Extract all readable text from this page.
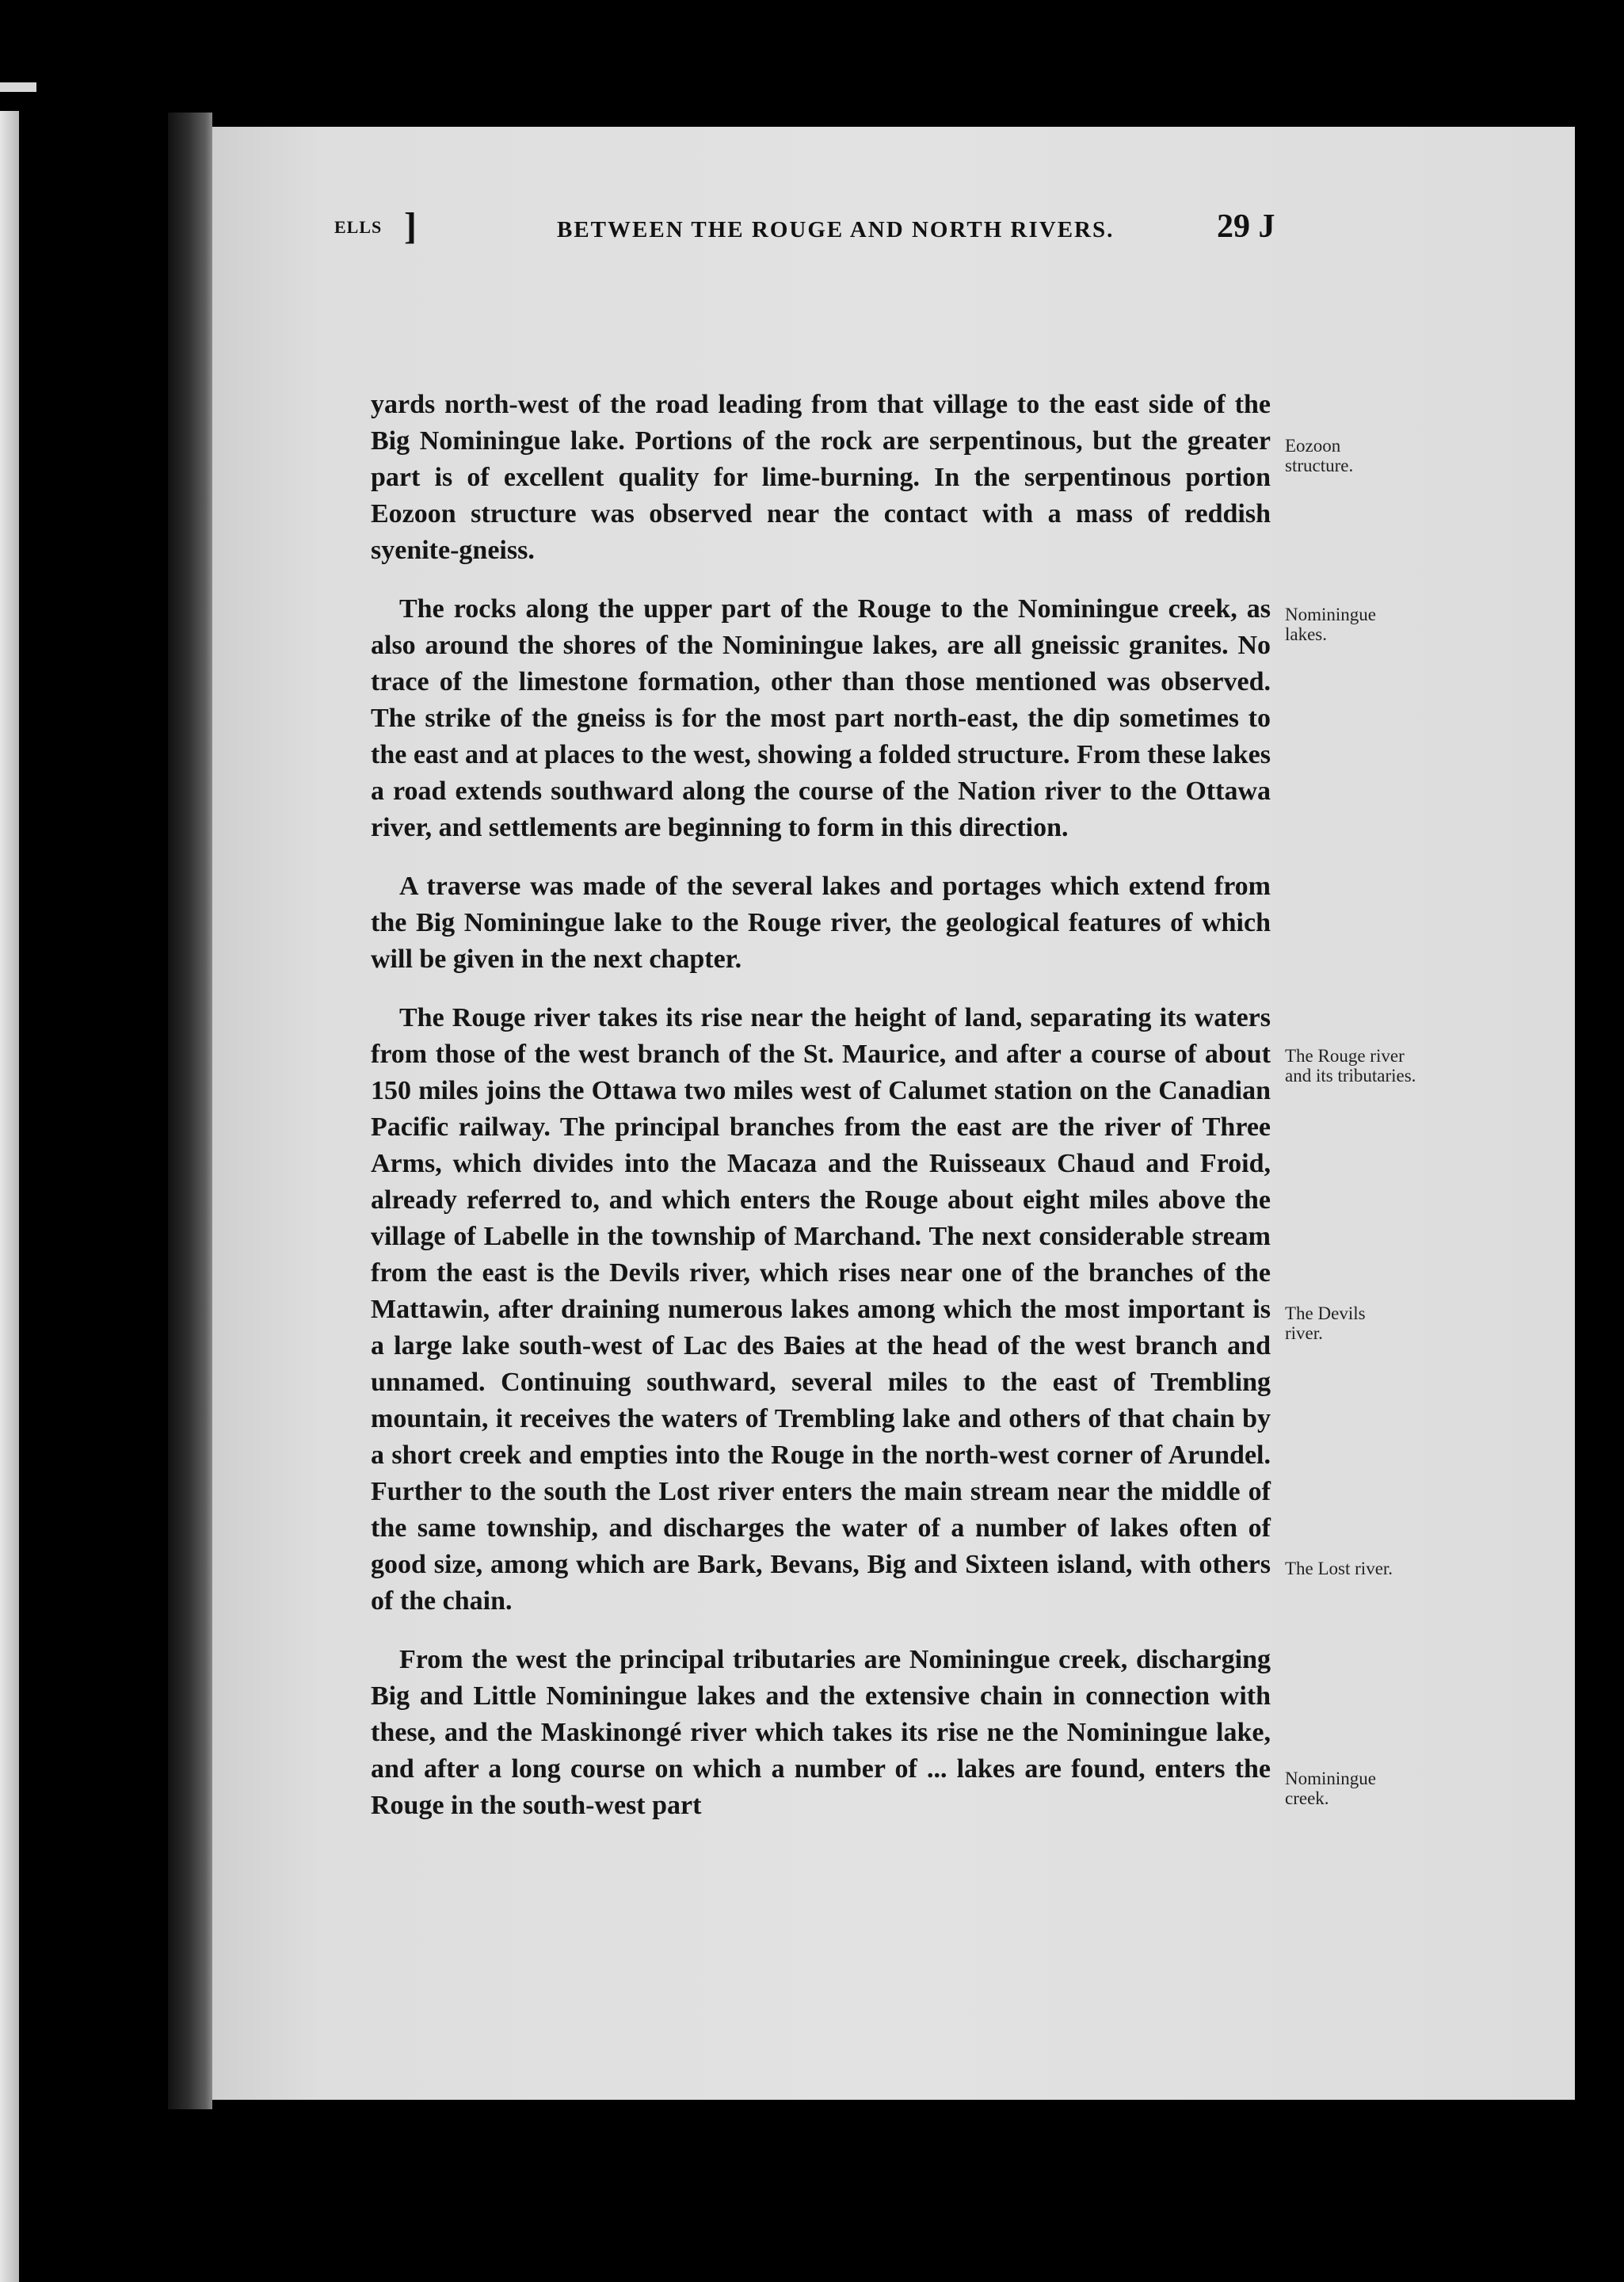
ELLS ]	BETWEEN THE ROUGE AND NORTH RIVERS.	29 J

yards north-west of the road leading from that village to the east side of the Big Nominingue lake. Portions of the rock are serpentinous, but the greater part is of excellent quality for lime-burning. In the serpentinous portion Eozoon structure was observed near the contact with a mass of reddish syenite-gneiss.

The rocks along the upper part of the Rouge to the Nominingue creek, as also around the shores of the Nominingue lakes, are all gneissic granites. No trace of the limestone formation, other than those mentioned was observed. The strike of the gneiss is for the most part north-east, the dip sometimes to the east and at places to the west, showing a folded structure. From these lakes a road extends southward along the course of the Nation river to the Ottawa river, and settlements are beginning to form in this direction.

A traverse was made of the several lakes and portages which extend from the Big Nominingue lake to the Rouge river, the geological features of which will be given in the next chapter.

The Rouge river takes its rise near the height of land, separating its waters from those of the west branch of the St. Maurice, and after a course of about 150 miles joins the Ottawa two miles west of Calumet station on the Canadian Pacific railway. The principal branches from the east are the river of Three Arms, which divides into the Macaza and the Ruisseaux Chaud and Froid, already referred to, and which enters the Rouge about eight miles above the village of Labelle in the township of Marchand. The next considerable stream from the east is the Devils river, which rises near one of the branches of the Mattawin, after draining numerous lakes among which the most important is a large lake south-west of Lac des Baies at the head of the west branch and unnamed. Continuing southward, several miles to the east of Trembling mountain, it receives the waters of Trembling lake and others of that chain by a short creek and empties into the Rouge in the north-west corner of Arundel. Further to the south the Lost river enters the main stream near the middle of the same township, and discharges the water of a number of lakes often of good size, among which are Bark, Bevans, Big and Sixteen island, with others of the chain.

From the west the principal tributaries are Nominingue creek, discharging Big and Little Nominingue lakes and the extensive chain in connection with these, and the Maskinongé river which takes its rise ne the Nominingue lake, and after a long course on which a number of ... lakes are found, enters the Rouge in the south-west part

Eozoon structure.
Nominingue lakes.
The Rouge river and its tributaries.
The Devils river.
The Lost river.
Nominingue creek.
